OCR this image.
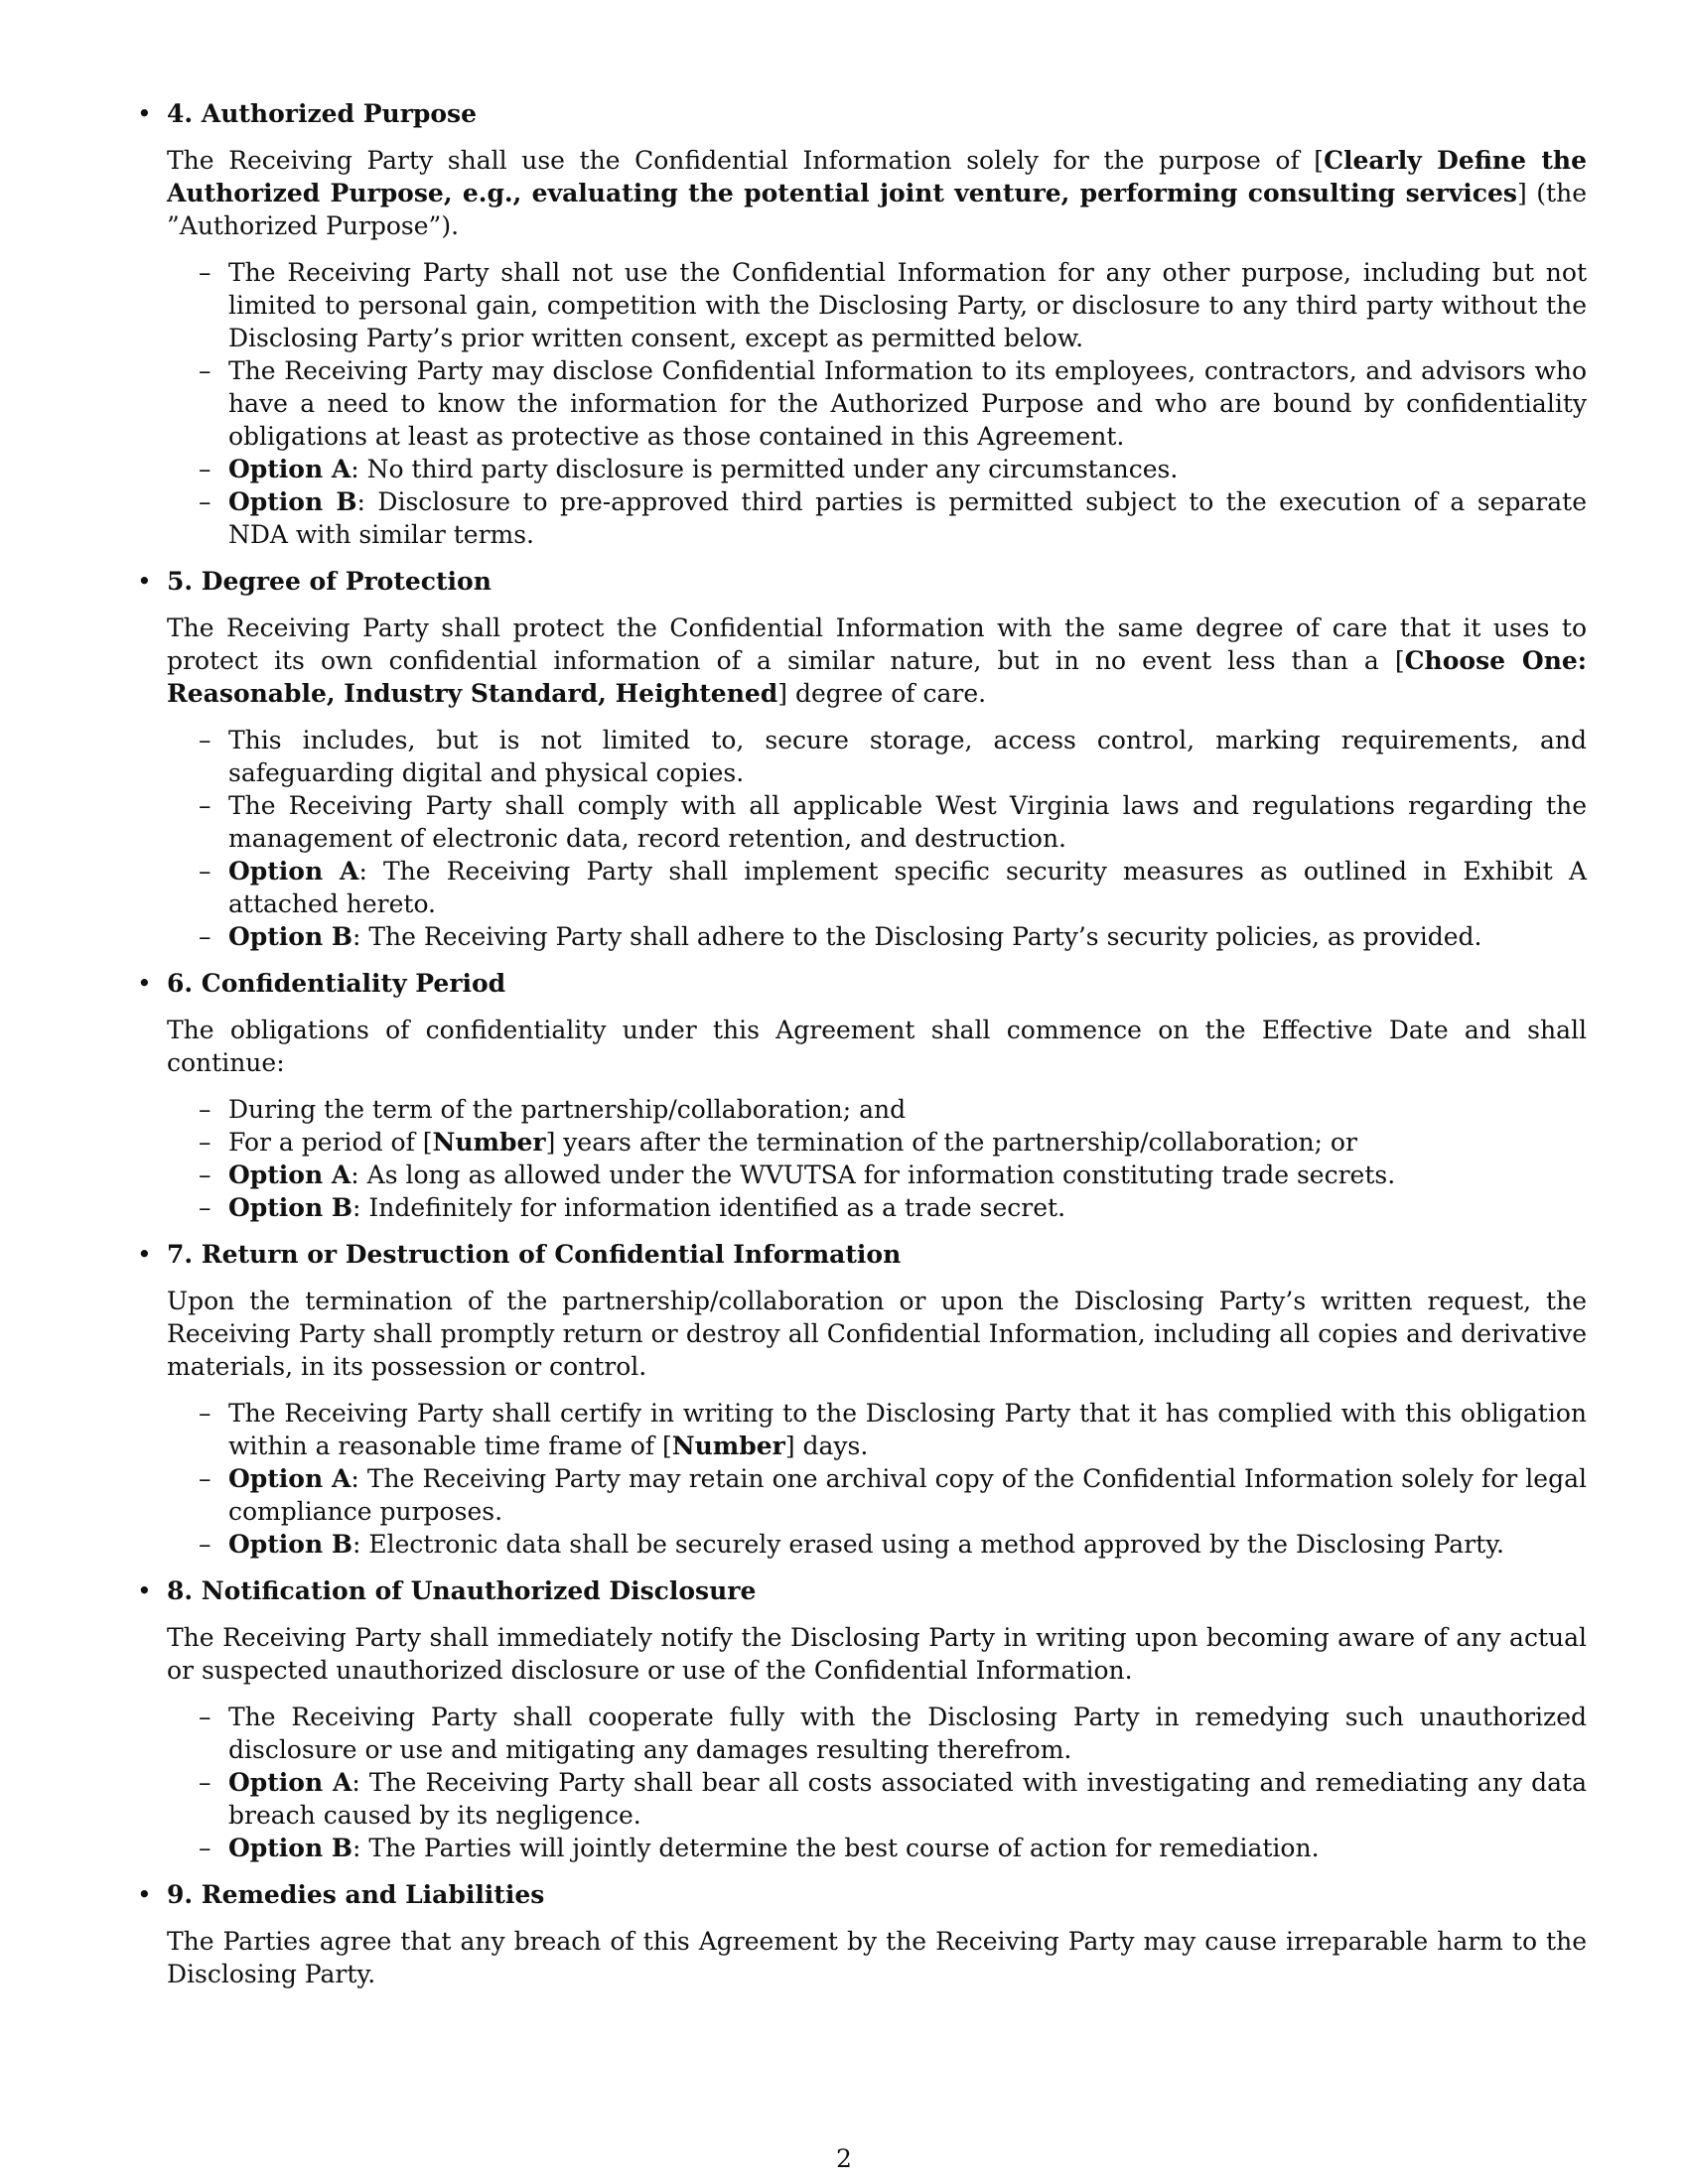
• 4. Authorized Purpose

The Receiving Party shall use the Confidential Information solely for the purpose of [Clearly Define the Authorized Purpose, e.g., evaluating the potential joint venture, performing consulting services] (the ”Authorized Purpose”).

– The Receiving Party shall not use the Confidential Information for any other purpose, including but not limited to personal gain, competition with the Disclosing Party, or disclosure to any third party without the Disclosing Party’s prior written consent, except as permitted below.
– The Receiving Party may disclose Confidential Information to its employees, contractors, and advisors who have a need to know the information for the Authorized Purpose and who are bound by confidentiality obligations at least as protective as those contained in this Agreement.
– Option A: No third party disclosure is permitted under any circumstances.
– Option B: Disclosure to pre-approved third parties is permitted subject to the execution of a separate NDA with similar terms.
• 5. Degree of Protection

The Receiving Party shall protect the Confidential Information with the same degree of care that it uses to protect its own confidential information of a similar nature, but in no event less than a [Choose One: Reasonable, Industry Standard, Heightened] degree of care.

– This includes, but is not limited to, secure storage, access control, marking requirements, and safeguarding digital and physical copies.
– The Receiving Party shall comply with all applicable West Virginia laws and regulations regarding the management of electronic data, record retention, and destruction.
– Option A: The Receiving Party shall implement specific security measures as outlined in Exhibit A attached hereto.
– Option B: The Receiving Party shall adhere to the Disclosing Party’s security policies, as provided.
• 6. Confidentiality Period

The obligations of confidentiality under this Agreement shall commence on the Effective Date and shall continue:

– During the term of the partnership/collaboration; and
– For a period of [Number] years after the termination of the partnership/collaboration; or
– Option A: As long as allowed under the WVUTSA for information constituting trade secrets.
– Option B: Indefinitely for information identified as a trade secret.
• 7. Return or Destruction of Confidential Information

Upon the termination of the partnership/collaboration or upon the Disclosing Party’s written request, the Receiving Party shall promptly return or destroy all Confidential Information, including all copies and derivative materials, in its possession or control.

– The Receiving Party shall certify in writing to the Disclosing Party that it has complied with this obligation within a reasonable time frame of [Number] days.
– Option A: The Receiving Party may retain one archival copy of the Confidential Information solely for legal compliance purposes.
– Option B: Electronic data shall be securely erased using a method approved by the Disclosing Party.
• 8. Notification of Unauthorized Disclosure

The Receiving Party shall immediately notify the Disclosing Party in writing upon becoming aware of any actual or suspected unauthorized disclosure or use of the Confidential Information.

– The Receiving Party shall cooperate fully with the Disclosing Party in remedying such unauthorized disclosure or use and mitigating any damages resulting therefrom.
– Option A: The Receiving Party shall bear all costs associated with investigating and remediating any data breach caused by its negligence.
– Option B: The Parties will jointly determine the best course of action for remediation.
• 9. Remedies and Liabilities

The Parties agree that any breach of this Agreement by the Receiving Party may cause irreparable harm to the Disclosing Party.

2
